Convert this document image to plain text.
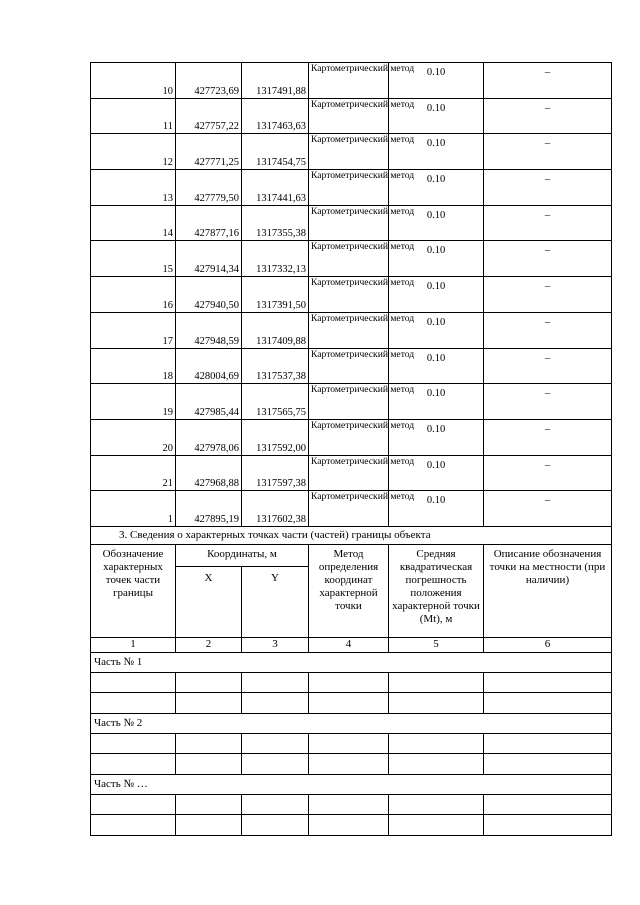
10	427723,69	1317491,88	Картометрический метод	0.10	–
11	427757,22	1317463,63	Картометрический метод	0.10	–
12	427771,25	1317454,75	Картометрический метод	0.10	–
13	427779,50	1317441,63	Картометрический метод	0.10	–
14	427877,16	1317355,38	Картометрический метод	0.10	–
15	427914,34	1317332,13	Картометрический метод	0.10	–
16	427940,50	1317391,50	Картометрический метод	0.10	–
17	427948,59	1317409,88	Картометрический метод	0.10	–
18	428004,69	1317537,38	Картометрический метод	0.10	–
19	427985,44	1317565,75	Картометрический метод	0.10	–
20	427978,06	1317592,00	Картометрический метод	0.10	–
21	427968,88	1317597,38	Картометрический метод	0.10	–
1	427895,19	1317602,38	Картометрический метод	0.10	–
3. Сведения о характерных точках части (частей) границы объекта					
Обозначение характерных точек части границы	Координаты, м		Метод определения координат характерной точки	Средняя квадратическая погрешность положения характерной точки (Mt), м	Описание обозначения точки на местности (при наличии)
	X	Y			
1	2	3	4	5	6
Часть № 1					

Часть № 2					

Часть № …					
